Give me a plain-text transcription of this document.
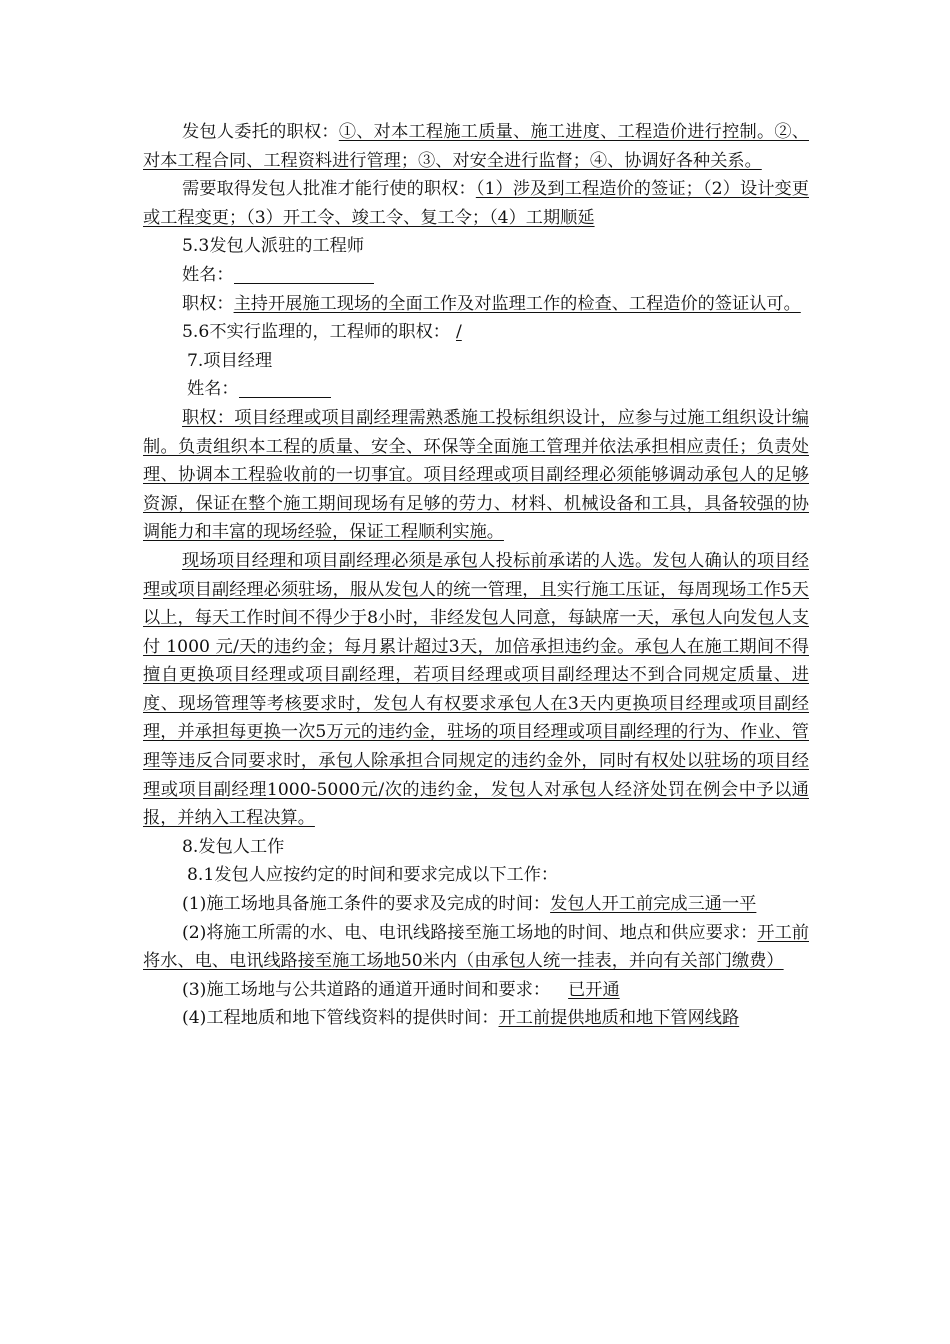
发包人委托的职权：①、对本工程施工质量、施工进度、工程造价进行控制。②、对本工程合同、工程资料进行管理；③、对安全进行监督；④、协调好各种关系。

需要取得发包人批准才能行使的职权：（1）涉及到工程造价的签证；（2）设计变更或工程变更；（3）开工令、竣工令、复工令；（4）工期顺延

5.3发包人派驻的工程师

姓名：

职权：主持开展施工现场的全面工作及对监理工作的检查、工程造价的签证认可。

5.6不实行监理的，工程师的职权： /

7.项目经理

姓名：

职权：项目经理或项目副经理需熟悉施工投标组织设计，应参与过施工组织设计编制。负责组织本工程的质量、安全、环保等全面施工管理并依法承担相应责任；负责处理、协调本工程验收前的一切事宜。项目经理或项目副经理必须能够调动承包人的足够资源，保证在整个施工期间现场有足够的劳力、材料、机械设备和工具，具备较强的协调能力和丰富的现场经验，保证工程顺利实施。

现场项目经理和项目副经理必须是承包人投标前承诺的人选。发包人确认的项目经理或项目副经理必须驻场，服从发包人的统一管理，且实行施工压证，每周现场工作5天以上，每天工作时间不得少于8小时，非经发包人同意，每缺席一天，承包人向发包人支付 1000 元/天的违约金；每月累计超过3天，加倍承担违约金。承包人在施工期间不得擅自更换项目经理或项目副经理，若项目经理或项目副经理达不到合同规定质量、进度、现场管理等考核要求时，发包人有权要求承包人在3天内更换项目经理或项目副经理，并承担每更换一次5万元的违约金，驻场的项目经理或项目副经理的行为、作业、管理等违反合同要求时，承包人除承担合同规定的违约金外，同时有权处以驻场的项目经理或项目副经理1000-5000元/次的违约金，发包人对承包人经济处罚在例会中予以通报，并纳入工程决算。

8.发包人工作

8.1发包人应按约定的时间和要求完成以下工作：

(1)施工场地具备施工条件的要求及完成的时间：发包人开工前完成三通一平

(2)将施工所需的水、电、电讯线路接至施工场地的时间、地点和供应要求：开工前将水、电、电讯线路接至施工场地50米内（由承包人统一挂表，并向有关部门缴费）

(3)施工场地与公共道路的通道开通时间和要求： 已开通

(4)工程地质和地下管线资料的提供时间：开工前提供地质和地下管网线路
